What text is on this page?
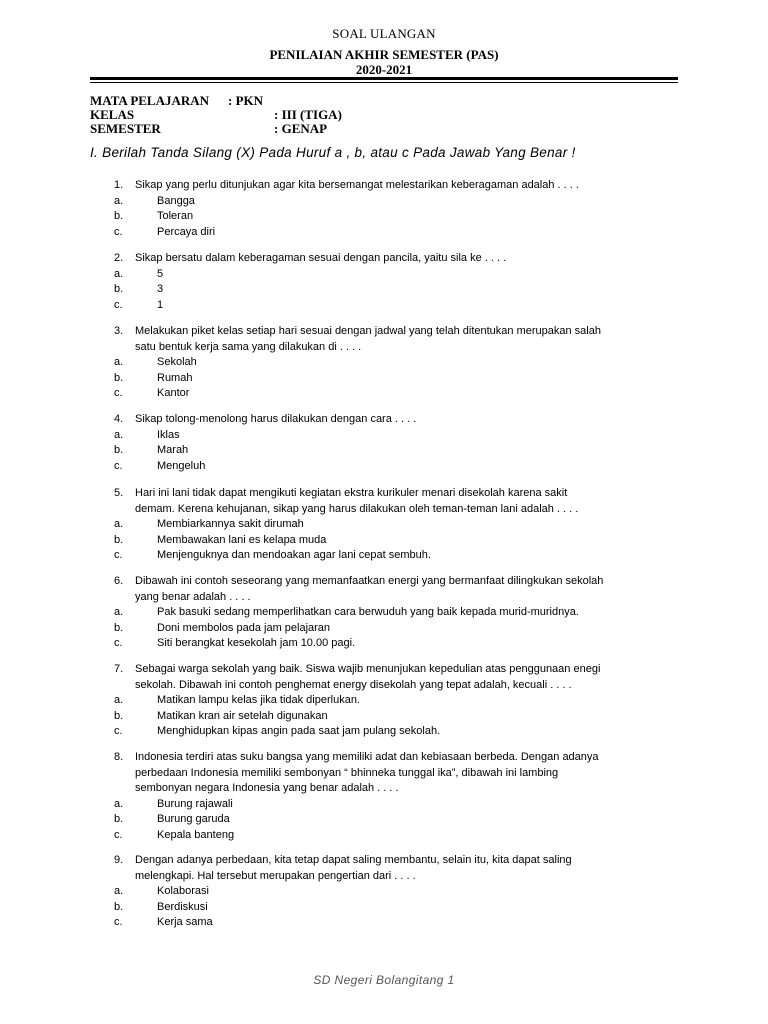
SOAL ULANGAN
PENILAIAN AKHIR SEMESTER (PAS)
2020-2021
MATA PELAJARAN : PKN
KELAS	: III (TIGA)
SEMESTER	: GENAP
I. Berilah Tanda Silang (X) Pada Huruf a , b, atau c Pada Jawab Yang Benar !
1. Sikap yang perlu ditunjukan agar kita bersemangat melestarikan keberagaman adalah . . . .
a.	Bangga
b.	Toleran
c.	Percaya diri
2. Sikap bersatu dalam keberagaman sesuai dengan pancila, yaitu sila ke . . . .
a.	5
b.	3
c.	1
3. Melakukan piket kelas setiap hari sesuai dengan jadwal yang telah ditentukan merupakan salah
satu bentuk kerja sama yang dilakukan di . . . .
a.	Sekolah
b.	Rumah
c.	Kantor
4. Sikap tolong-menolong harus dilakukan dengan cara . . . .
a.	Iklas
b.	Marah
c.	Mengeluh
5. Hari ini lani tidak dapat mengikuti kegiatan ekstra kurikuler menari disekolah karena sakit
demam. Kerena kehujanan, sikap yang harus dilakukan oleh teman-teman lani adalah . . . .
a.	Membiarkannya sakit dirumah
b.	Membawakan lani es kelapa muda
c.	Menjenguknya dan mendoakan agar lani cepat sembuh.
6. Dibawah ini contoh seseorang yang memanfaatkan energi yang bermanfaat dilingkukan sekolah
yang benar adalah . . . .
a.	Pak basuki sedang memperlihatkan cara berwuduh yang baik kepada murid-muridnya.
b.	Doni membolos pada jam pelajaran
c.	Siti berangkat kesekolah jam 10.00 pagi.
7. Sebagai warga sekolah yang baik. Siswa wajib menunjukan kepedulian atas penggunaan enegi
sekolah. Dibawah ini contoh penghemat energy disekolah yang tepat adalah, kecuali . . . .
a.	Matikan lampu kelas jika tidak diperlukan.
b.	Matikan kran air setelah digunakan
c.	Menghidupkan kipas angin pada saat jam pulang sekolah.
8. Indonesia terdiri atas suku bangsa yang memiliki adat dan kebiasaan berbeda. Dengan adanya
perbedaan Indonesia memiliki sembonyan “ bhinneka tunggal ika”, dibawah ini lambing
sembonyan negara Indonesia yang benar adalah . . . .
a.	Burung rajawali
b.	Burung garuda
c.	Kepala banteng
9. Dengan adanya perbedaan, kita tetap dapat saling membantu, selain itu, kita dapat saling
melengkapi. Hal tersebut merupakan pengertian dari . . . .
a.	Kolaborasi
b.	Berdiskusi
c.	Kerja sama
SD Negeri Bolangitang 1
